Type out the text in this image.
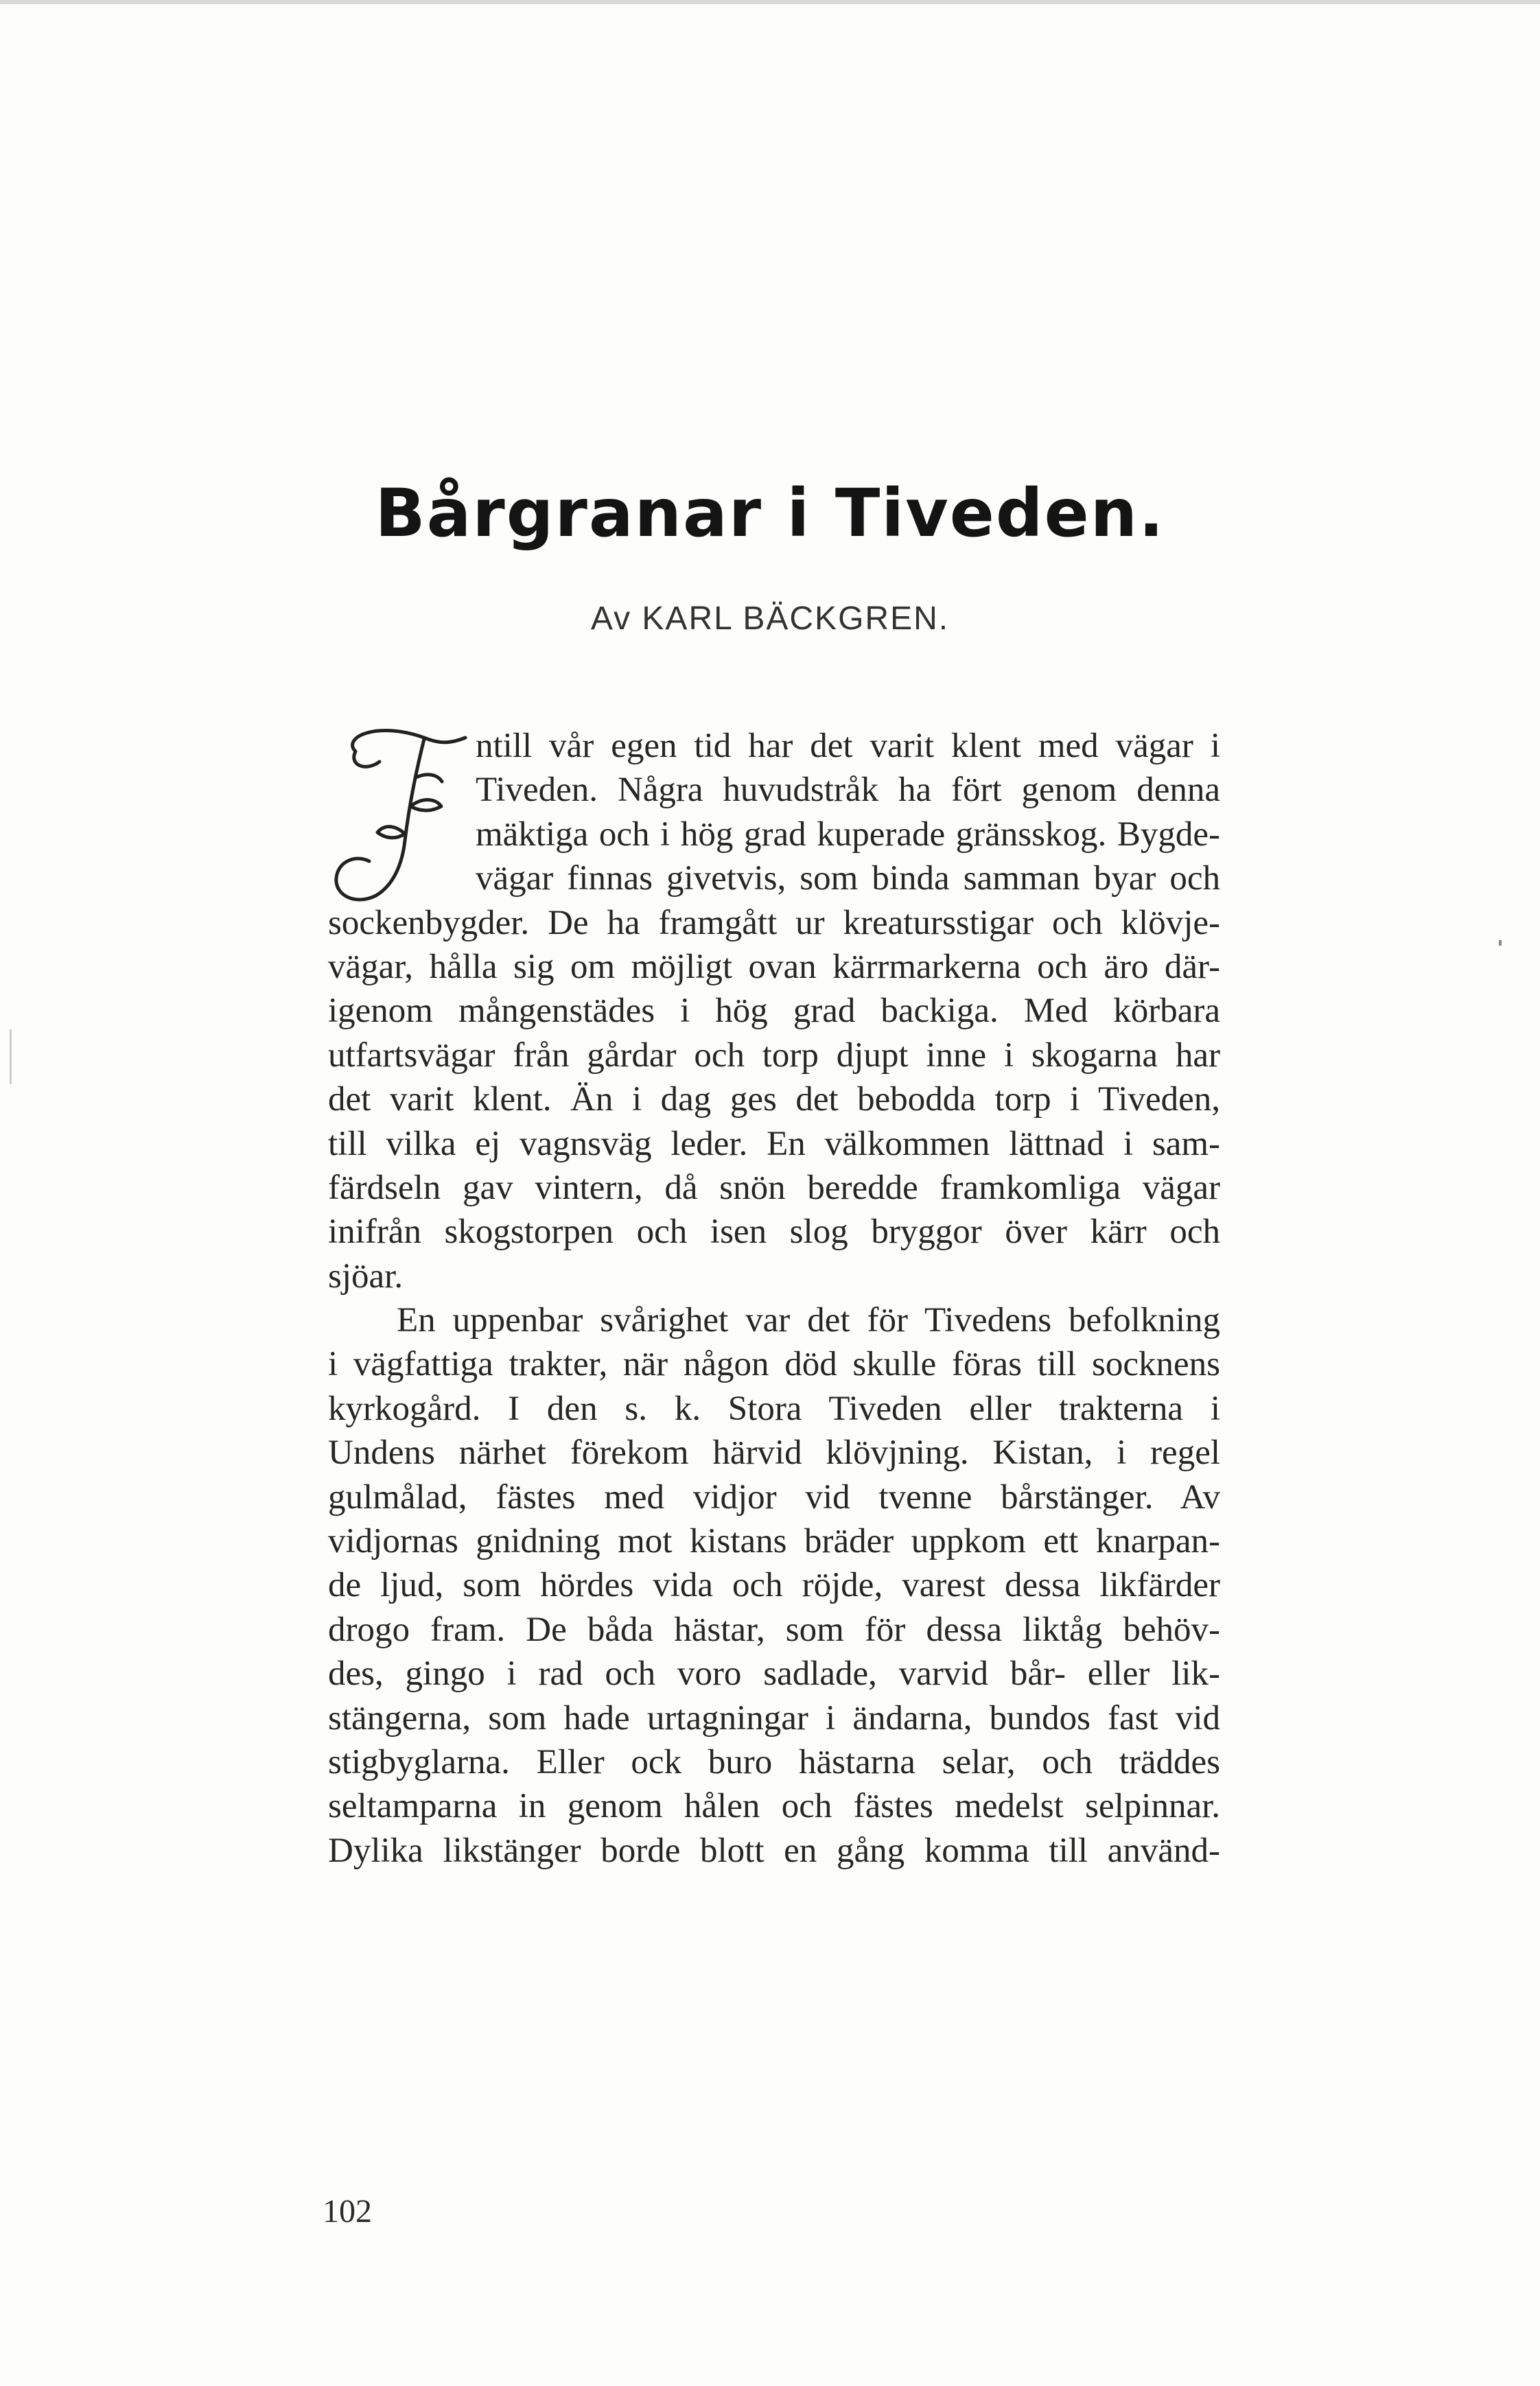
Bårgranar i Tiveden.
Av KARL BÄCKGREN.
ntill vår egen tid har det varit klent med vägar i
Tiveden. Några huvudstråk ha fört genom denna
mäktiga och i hög grad kuperade gränsskog. Bygde-
vägar finnas givetvis, som binda samman byar och
sockenbygder. De ha framgått ur kreatursstigar och klövje-
vägar, hålla sig om möjligt ovan kärrmarkerna och äro där-
igenom mångenstädes i hög grad backiga. Med körbara
utfartsvägar från gårdar och torp djupt inne i skogarna har
det varit klent. Än i dag ges det bebodda torp i Tiveden,
till vilka ej vagnsväg leder. En välkommen lättnad i sam-
färdseln gav vintern, då snön beredde framkomliga vägar
inifrån skogstorpen och isen slog bryggor över kärr och
sjöar.
En uppenbar svårighet var det för Tivedens befolkning
i vägfattiga trakter, när någon död skulle föras till socknens
kyrkogård. I den s. k. Stora Tiveden eller trakterna i
Undens närhet förekom härvid klövjning. Kistan, i regel
gulmålad, fästes med vidjor vid tvenne bårstänger. Av
vidjornas gnidning mot kistans bräder uppkom ett knarpan-
de ljud, som hördes vida och röjde, varest dessa likfärder
drogo fram. De båda hästar, som för dessa liktåg behöv-
des, gingo i rad och voro sadlade, varvid bår- eller lik-
stängerna, som hade urtagningar i ändarna, bundos fast vid
stigbyglarna. Eller ock buro hästarna selar, och träddes
seltamparna in genom hålen och fästes medelst selpinnar.
Dylika likstänger borde blott en gång komma till använd-
102
